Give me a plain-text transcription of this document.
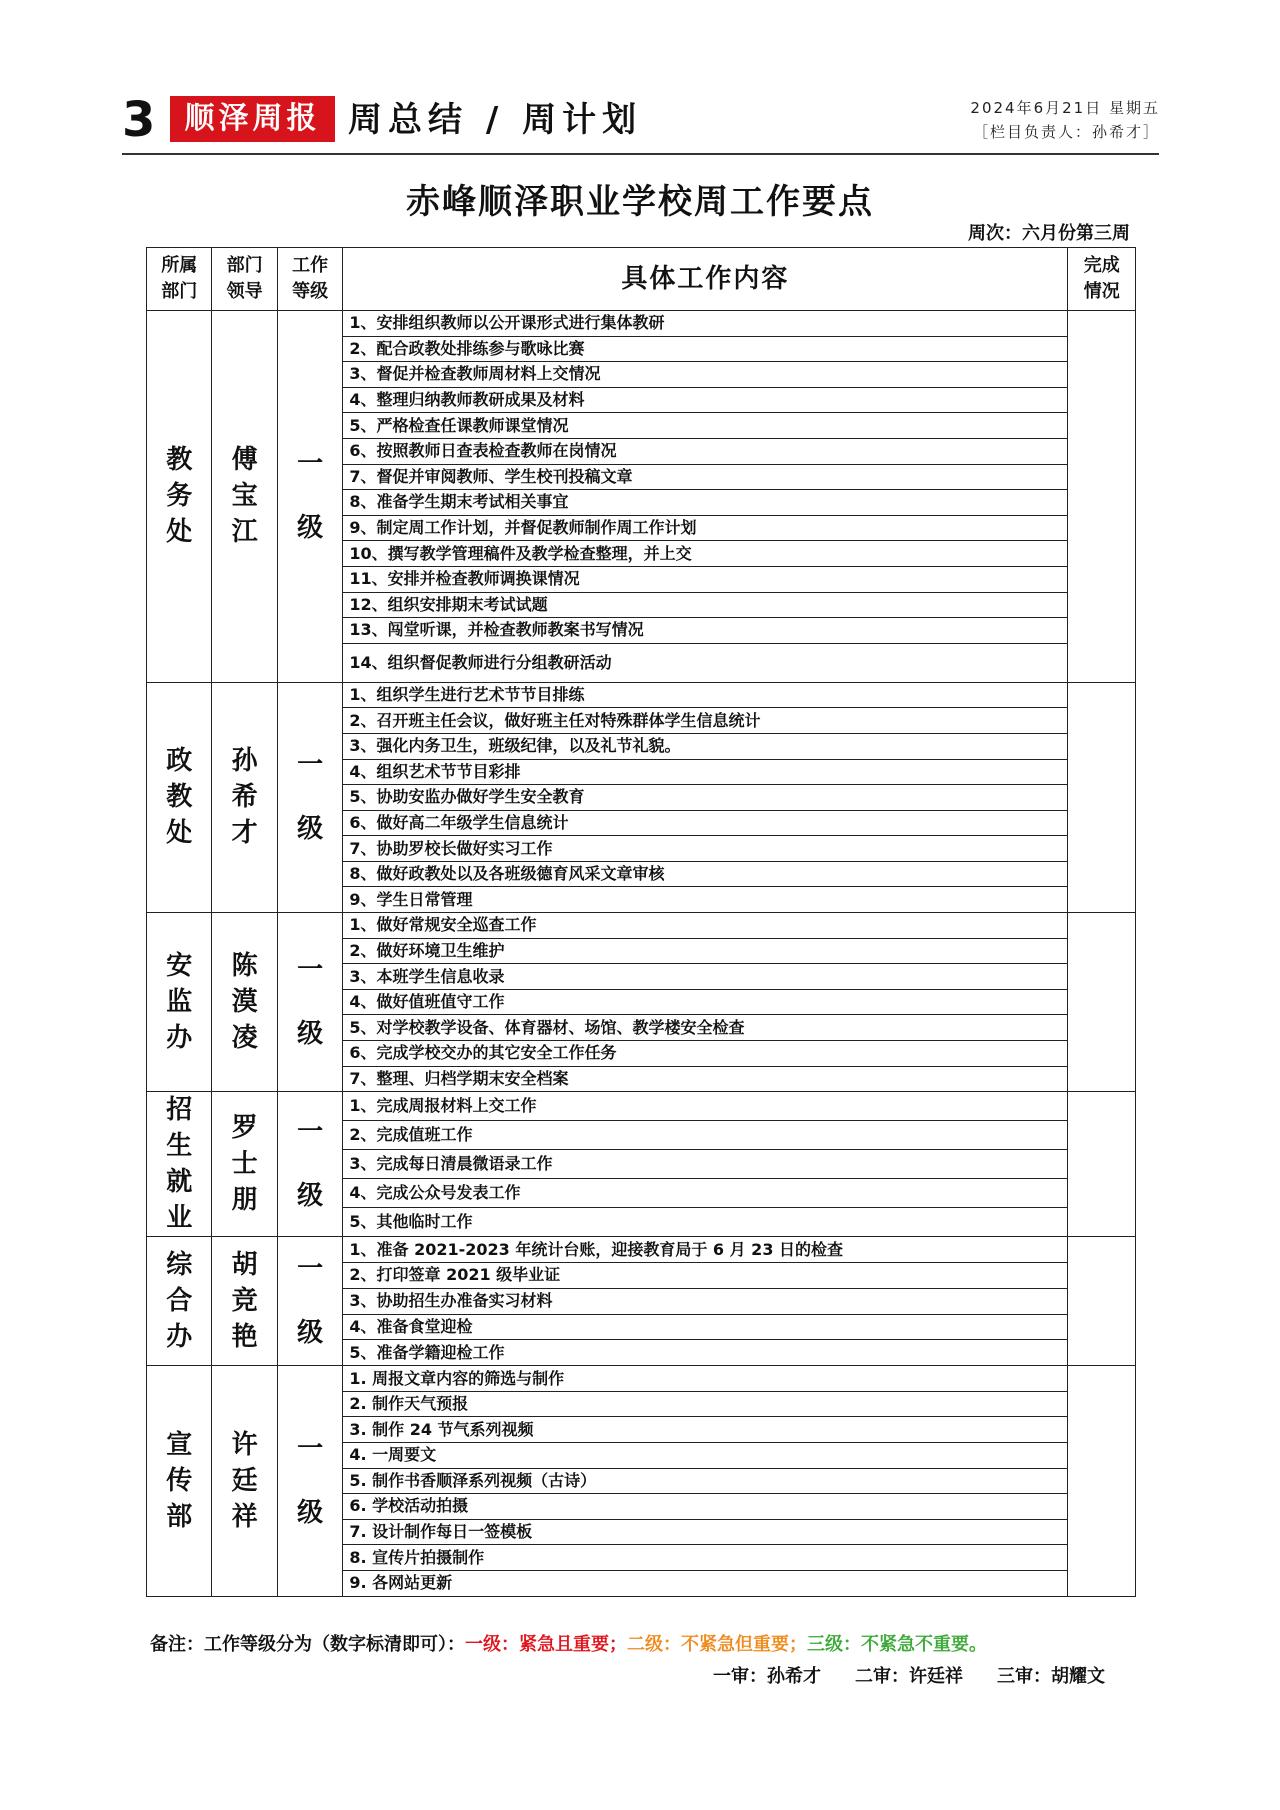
3 顺泽周报 周总结 / 周计划	2024年6月21日 星期五
［栏目负责人：孙希才］
赤峰顺泽职业学校周工作要点
周次：六月份第三周
所属部门	部门领导	工作等级	具体工作内容	完成情况
教务处	傅宝江	一级	1、安排组织教师以公开课形式进行集体教研	
			2、配合政教处排练参与歌咏比赛	
			3、督促并检查教师周材料上交情况	
			4、整理归纳教师教研成果及材料	
			5、严格检查任课教师课堂情况	
			6、按照教师日查表检查教师在岗情况	
			7、督促并审阅教师、学生校刊投稿文章	
			8、准备学生期末考试相关事宜	
			9、制定周工作计划，并督促教师制作周工作计划	
			10、撰写教学管理稿件及教学检查整理，并上交	
			11、安排并检查教师调换课情况	
			12、组织安排期末考试试题	
			13、闯堂听课，并检查教师教案书写情况	
			14、组织督促教师进行分组教研活动	
政教处	孙希才	一级	1、组织学生进行艺术节节目排练	
			2、召开班主任会议，做好班主任对特殊群体学生信息统计	
			3、强化内务卫生，班级纪律，以及礼节礼貌。	
			4、组织艺术节节目彩排	
			5、协助安监办做好学生安全教育	
			6、做好高二年级学生信息统计	
			7、协助罗校长做好实习工作	
			8、做好政教处以及各班级德育风采文章审核	
			9、学生日常管理	
安监办	陈漠凌	一级	1、做好常规安全巡查工作	
			2、做好环境卫生维护	
			3、本班学生信息收录	
			4、做好值班值守工作	
			5、对学校教学设备、体育器材、场馆、教学楼安全检查	
			6、完成学校交办的其它安全工作任务	
			7、整理、归档学期末安全档案	
招生就业	罗士朋	一级	1、完成周报材料上交工作	
			2、完成值班工作	
			3、完成每日清晨微语录工作	
			4、完成公众号发表工作	
			5、其他临时工作	
综合办	胡竞艳	一级	1、准备 2021-2023 年统计台账，迎接教育局于 6 月 23 日的检查	
			2、打印签章 2021 级毕业证	
			3、协助招生办准备实习材料	
			4、准备食堂迎检	
			5、准备学籍迎检工作	
宣传部	许廷祥	一级	1. 周报文章内容的筛选与制作	
			2. 制作天气预报	
			3. 制作 24 节气系列视频	
			4. 一周要文	
			5. 制作书香顺泽系列视频（古诗）	
			6. 学校活动拍摄	
			7. 设计制作每日一签模板	
			8. 宣传片拍摄制作	
			9. 各网站更新	
备注：工作等级分为（数字标清即可）：一级：紧急且重要；二级：不紧急但重要；三级：不紧急不重要。
一审：孙希才 二审：许廷祥 三审：胡耀文
